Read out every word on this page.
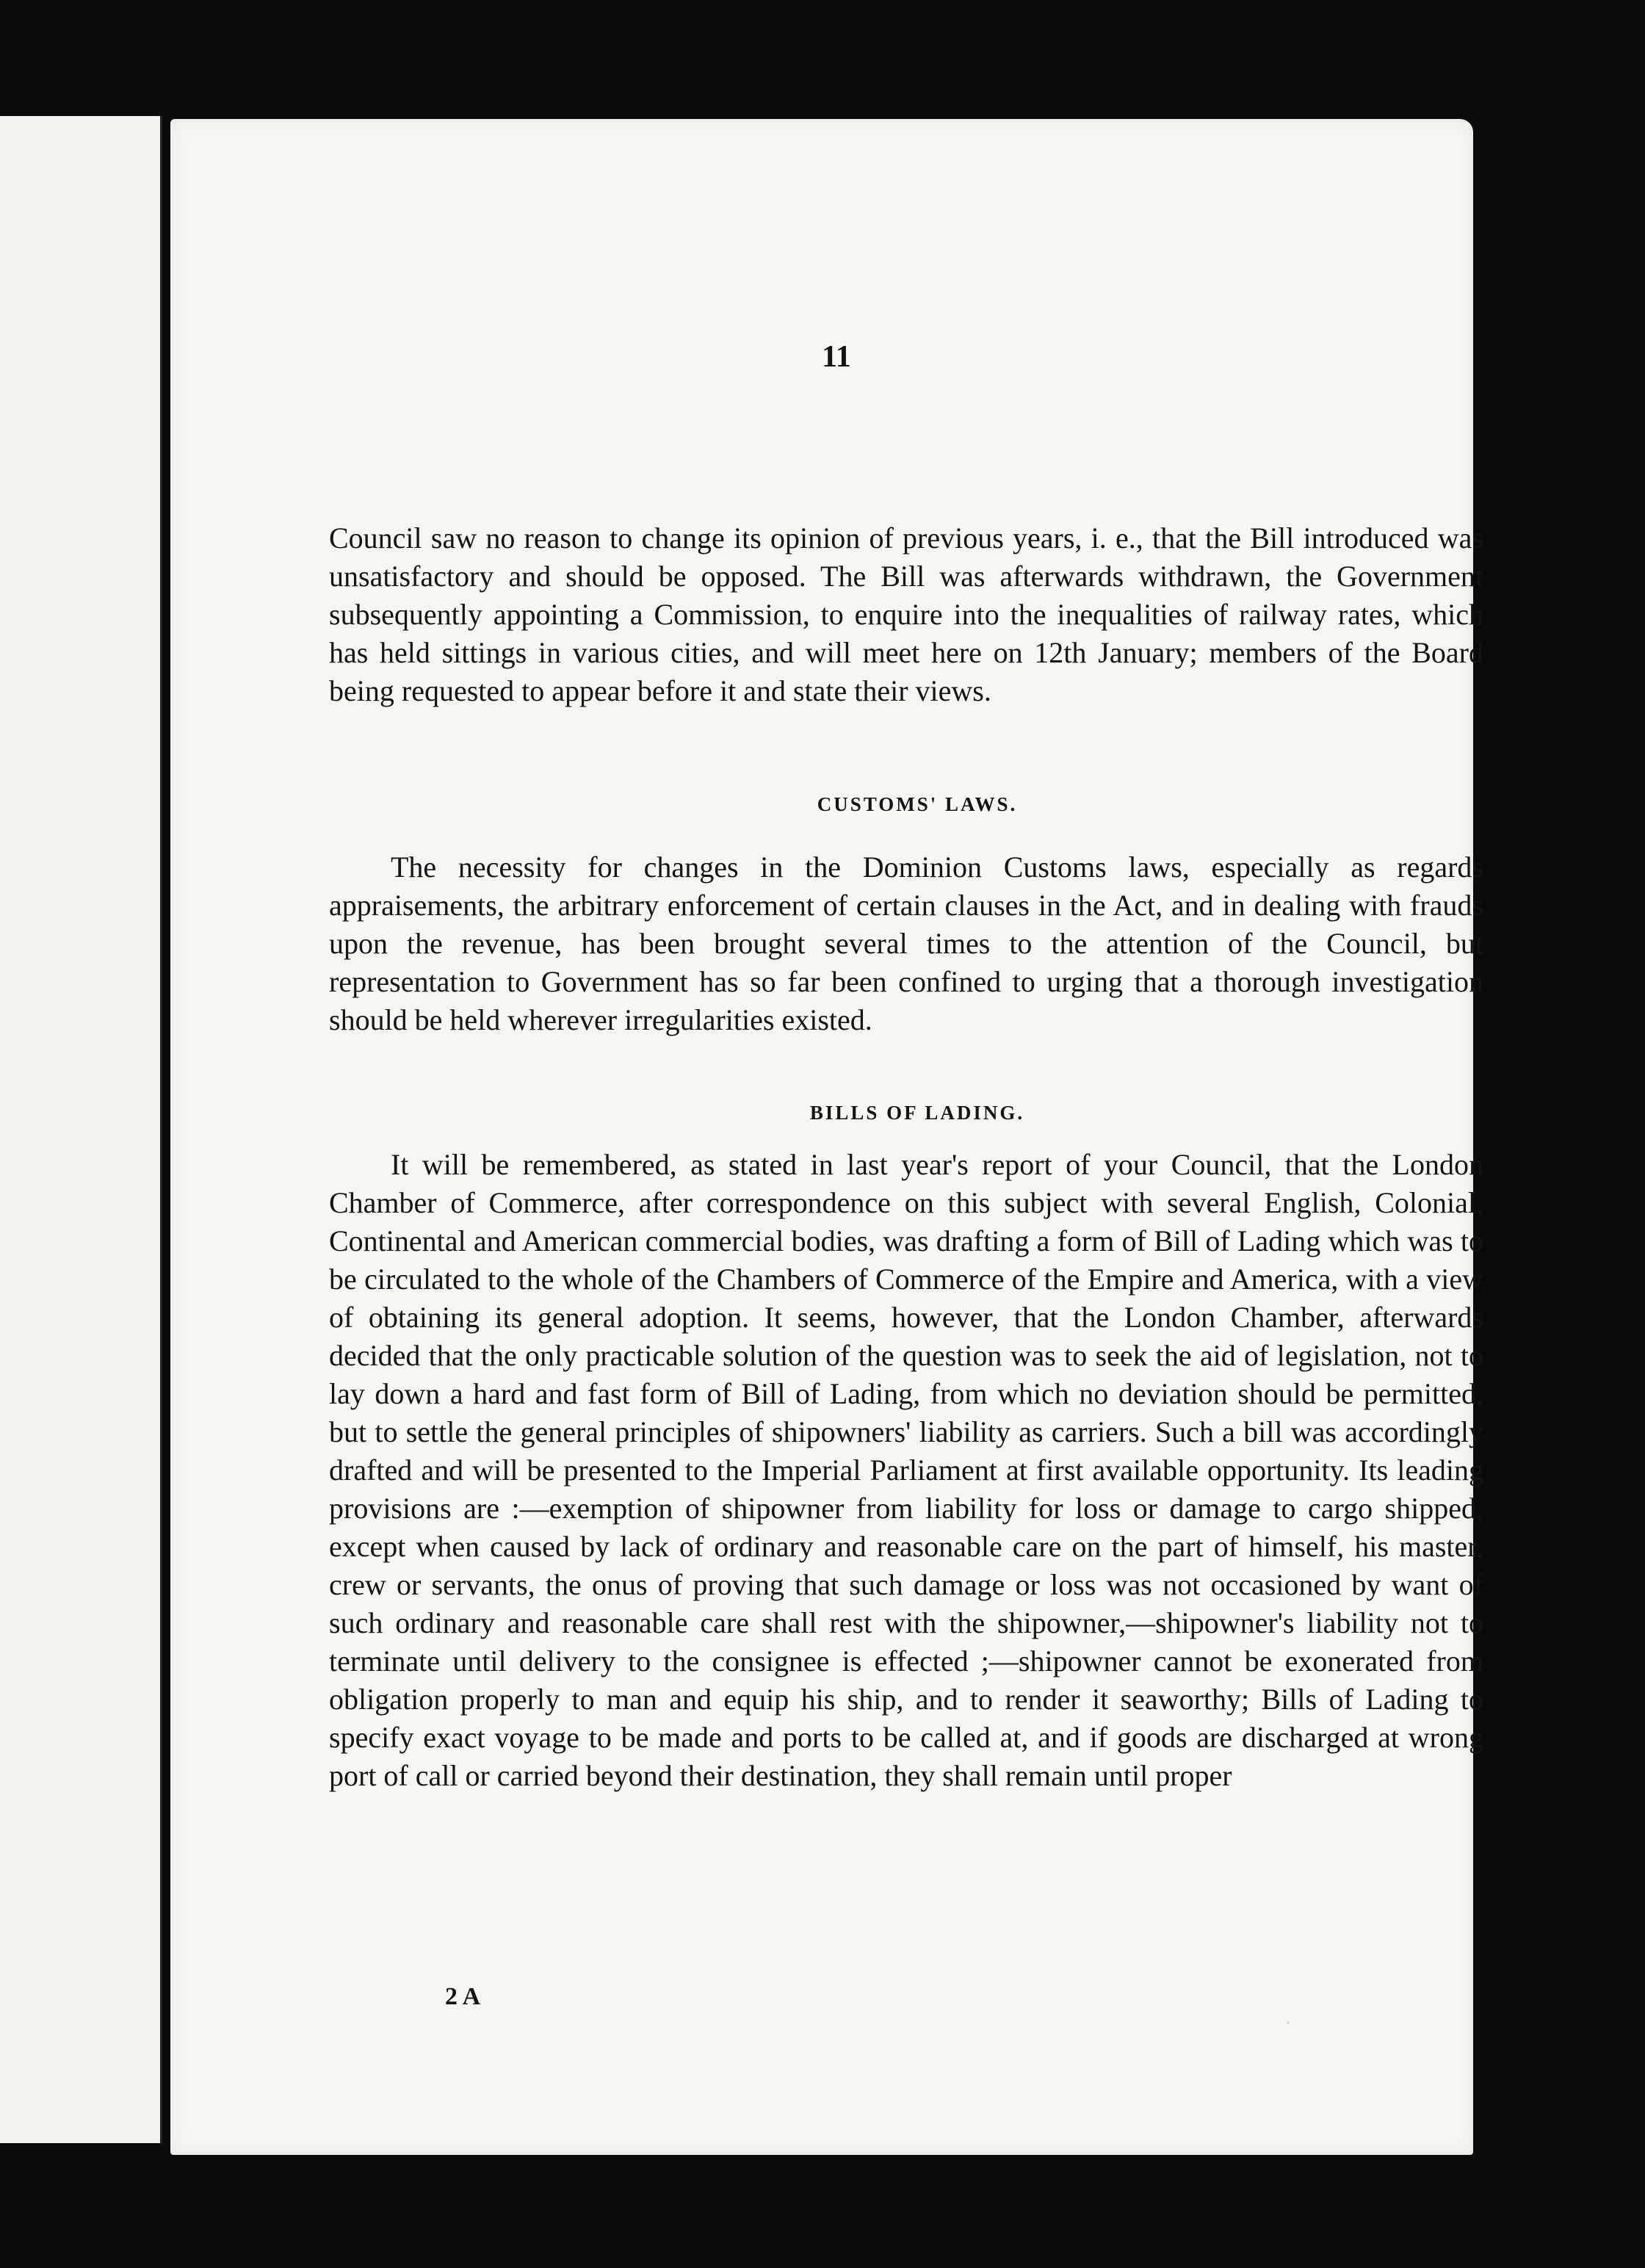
11

Council saw no reason to change its opinion of previous years, i. e., that the Bill introduced was unsatisfactory and should be opposed. The Bill was afterwards withdrawn, the Government subsequently appointing a Commission, to enquire into the inequalities of railway rates, which has held sittings in various cities, and will meet here on 12th January; members of the Board being requested to appear before it and state their views.

CUSTOMS' LAWS.

The necessity for changes in the Dominion Customs laws, especially as regards appraisements, the arbitrary enforcement of certain clauses in the Act, and in dealing with frauds upon the revenue, has been brought several times to the attention of the Council, but representation to Government has so far been confined to urging that a thorough investigation should be held wherever irregularities existed.

BILLS OF LADING.

It will be remembered, as stated in last year's report of your Council, that the London Chamber of Commerce, after correspondence on this subject with several English, Colonial, Continental and American commercial bodies, was drafting a form of Bill of Lading which was to be circulated to the whole of the Chambers of Commerce of the Empire and America, with a view of obtaining its general adoption. It seems, however, that the London Chamber, afterwards decided that the only practicable solution of the question was to seek the aid of legislation, not to lay down a hard and fast form of Bill of Lading, from which no deviation should be permitted, but to settle the general principles of shipowners' liability as carriers. Such a bill was accordingly drafted and will be presented to the Imperial Parliament at first available opportunity. Its leading provisions are :—exemption of shipowner from liability for loss or damage to cargo shipped, except when caused by lack of ordinary and reasonable care on the part of himself, his master, crew or servants, the onus of proving that such damage or loss was not occasioned by want of such ordinary and reasonable care shall rest with the shipowner,—shipowner's liability not to terminate until delivery to the consignee is effected ;—shipowner cannot be exonerated from obligation properly to man and equip his ship, and to render it seaworthy; Bills of Lading to specify exact voyage to be made and ports to be called at, and if goods are discharged at wrong port of call or carried beyond their destination, they shall remain until proper

2 A
